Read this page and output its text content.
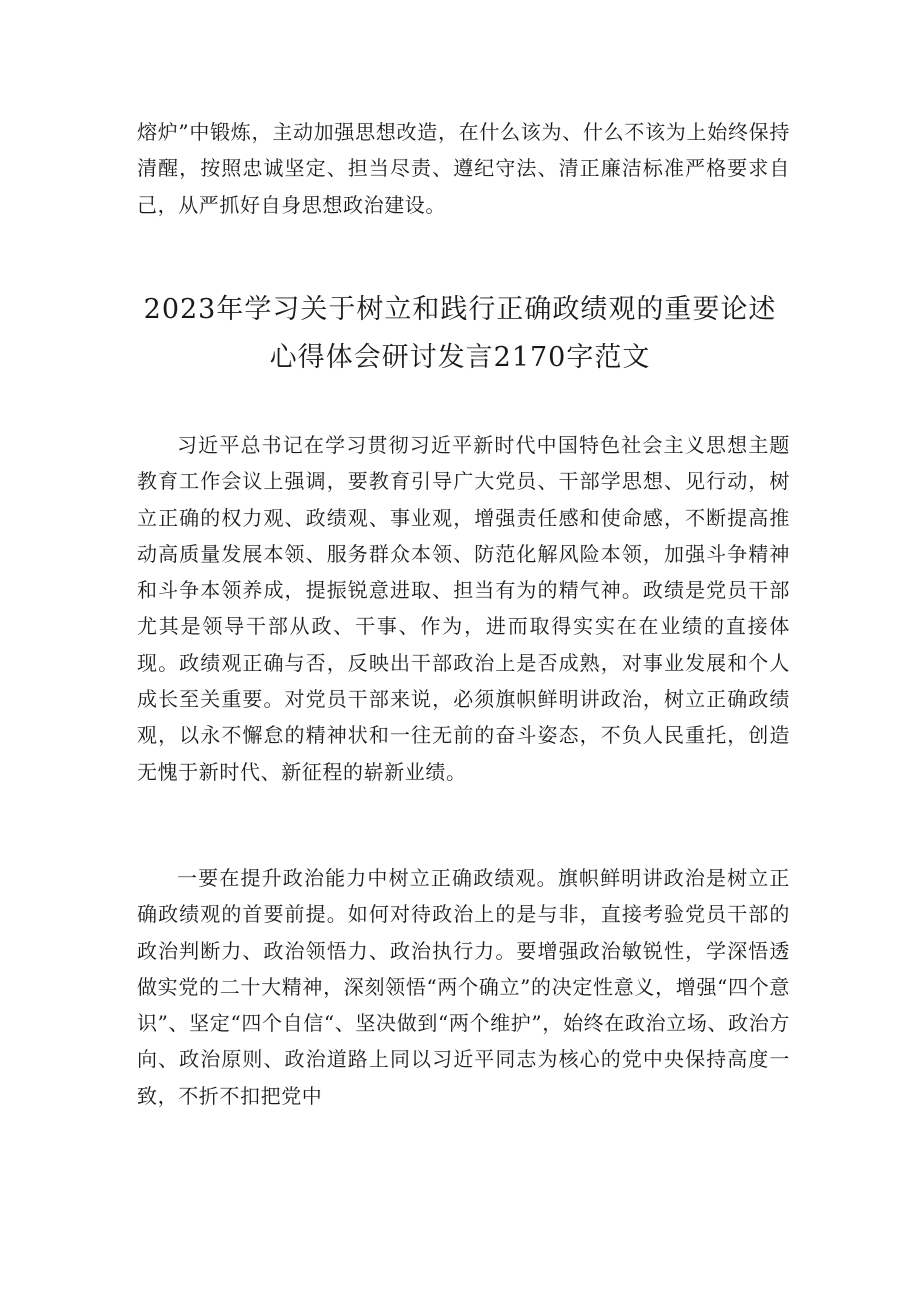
熔炉”中锻炼，主动加强思想改造，在什么该为、什么不该为上始终保持清醒，按照忠诚坚定、担当尽责、遵纪守法、清正廉洁标准严格要求自己，从严抓好自身思想政治建设。

2023年学习关于树立和践行正确政绩观的重要论述
心得体会研讨发言2170字范文

习近平总书记在学习贯彻习近平新时代中国特色社会主义思想主题教育工作会议上强调，要教育引导广大党员、干部学思想、见行动，树立正确的权力观、政绩观、事业观，增强责任感和使命感，不断提高推动高质量发展本领、服务群众本领、防范化解风险本领，加强斗争精神和斗争本领养成，提振锐意进取、担当有为的精气神。政绩是党员干部尤其是领导干部从政、干事、作为，进而取得实实在在业绩的直接体现。政绩观正确与否，反映出干部政治上是否成熟，对事业发展和个人成长至关重要。对党员干部来说，必须旗帜鲜明讲政治，树立正确政绩观，以永不懈怠的精神状和一往无前的奋斗姿态，不负人民重托，创造无愧于新时代、新征程的崭新业绩。

一要在提升政治能力中树立正确政绩观。旗帜鲜明讲政治是树立正确政绩观的首要前提。如何对待政治上的是与非，直接考验党员干部的政治判断力、政治领悟力、政治执行力。要增强政治敏锐性，学深悟透做实党的二十大精神，深刻领悟“两个确立”的决定性意义，增强“四个意识”、坚定“四个自信“、坚决做到“两个维护”，始终在政治立场、政治方向、政治原则、政治道路上同以习近平同志为核心的党中央保持高度一致，不折不扣把党中
